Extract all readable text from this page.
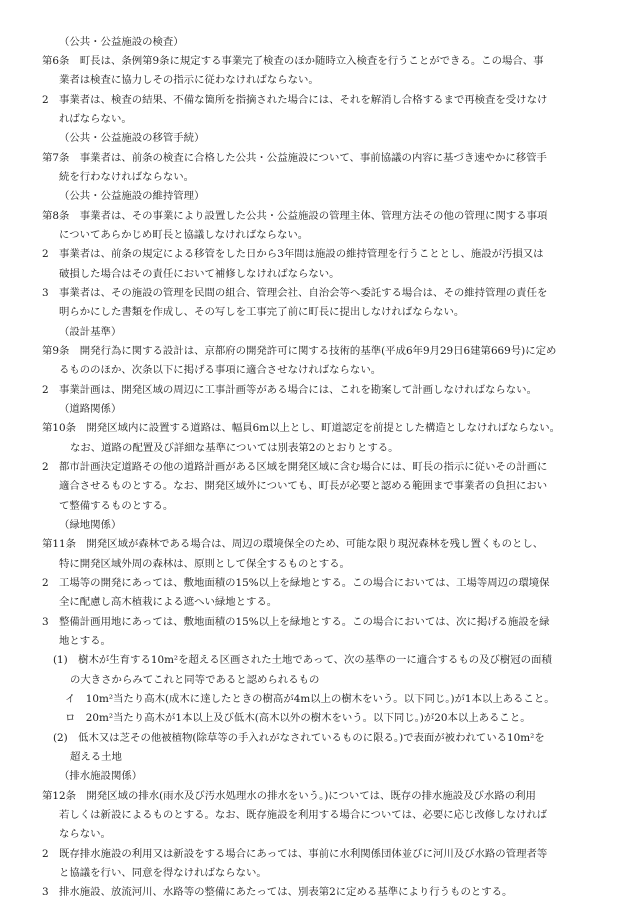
（公共・公益施設の検査）
第6条　町長は、条例第9条に規定する事業完了検査のほか随時立入検査を行うことができる。この場合、事
業者は検査に協力しその指示に従わなければならない。
2　事業者は、検査の結果、不備な箇所を指摘された場合には、それを解消し合格するまで再検査を受けなけ
ればならない。
（公共・公益施設の移管手続）
第7条　事業者は、前条の検査に合格した公共・公益施設について、事前協議の内容に基づき速やかに移管手
続を行わなければならない。
（公共・公益施設の維持管理）
第8条　事業者は、その事業により設置した公共・公益施設の管理主体、管理方法その他の管理に関する事項
についてあらかじめ町長と協議しなければならない。
2　事業者は、前条の規定による移管をした日から3年間は施設の維持管理を行うこととし、施設が汚損又は
破損した場合はその責任において補修しなければならない。
3　事業者は、その施設の管理を民間の組合、管理会社、自治会等へ委託する場合は、その維持管理の責任を
明らかにした書類を作成し、その写しを工事完了前に町長に提出しなければならない。
（設計基準）
第9条　開発行為に関する設計は、京都府の開発許可に関する技術的基準(平成6年9月29日6建第669号)に定め
るもののほか、次条以下に掲げる事項に適合させなければならない。
2　事業計画は、開発区域の周辺に工事計画等がある場合には、これを勘案して計画しなければならない。
（道路関係）
第10条　開発区域内に設置する道路は、幅員6m以上とし、町道認定を前提とした構造としなければならない。
なお、道路の配置及び詳細な基準については別表第2のとおりとする。
2　都市計画決定道路その他の道路計画がある区域を開発区域に含む場合には、町長の指示に従いその計画に
適合させるものとする。なお、開発区域外についても、町長が必要と認める範囲まで事業者の負担におい
て整備するものとする。
（緑地関係）
第11条　開発区域が森林である場合は、周辺の環境保全のため、可能な限り現況森林を残し置くものとし、
特に開発区域外周の森林は、原則として保全するものとする。
2　工場等の開発にあっては、敷地面積の15%以上を緑地とする。この場合においては、工場等周辺の環境保
全に配慮し高木植栽による遮へい緑地とする。
3　整備計画用地にあっては、敷地面積の15%以上を緑地とする。この場合においては、次に掲げる施設を緑
地とする。
(1)　樹木が生育する10m²を超える区画された土地であって、次の基準の一に適合するもの及び樹冠の面積
の大きさからみてこれと同等であると認められるもの
イ　10m²当たり高木(成木に達したときの樹高が4m以上の樹木をいう。以下同じ。)が1本以上あること。
ロ　20m²当たり高木が1本以上及び低木(高木以外の樹木をいう。以下同じ。)が20本以上あること。
(2)　低木又は芝その他被植物(除草等の手入れがなされているものに限る。)で表面が被われている10m²を
超える土地
（排水施設関係）
第12条　開発区域の排水(雨水及び汚水処理水の排水をいう。)については、既存の排水施設及び水路の利用
若しくは新設によるものとする。なお、既存施設を利用する場合については、必要に応じ改修しなければ
ならない。
2　既存排水施設の利用又は新設をする場合にあっては、事前に水利関係団体並びに河川及び水路の管理者等
と協議を行い、同意を得なければならない。
3　排水施設、放流河川、水路等の整備にあたっては、別表第2に定める基準により行うものとする。
